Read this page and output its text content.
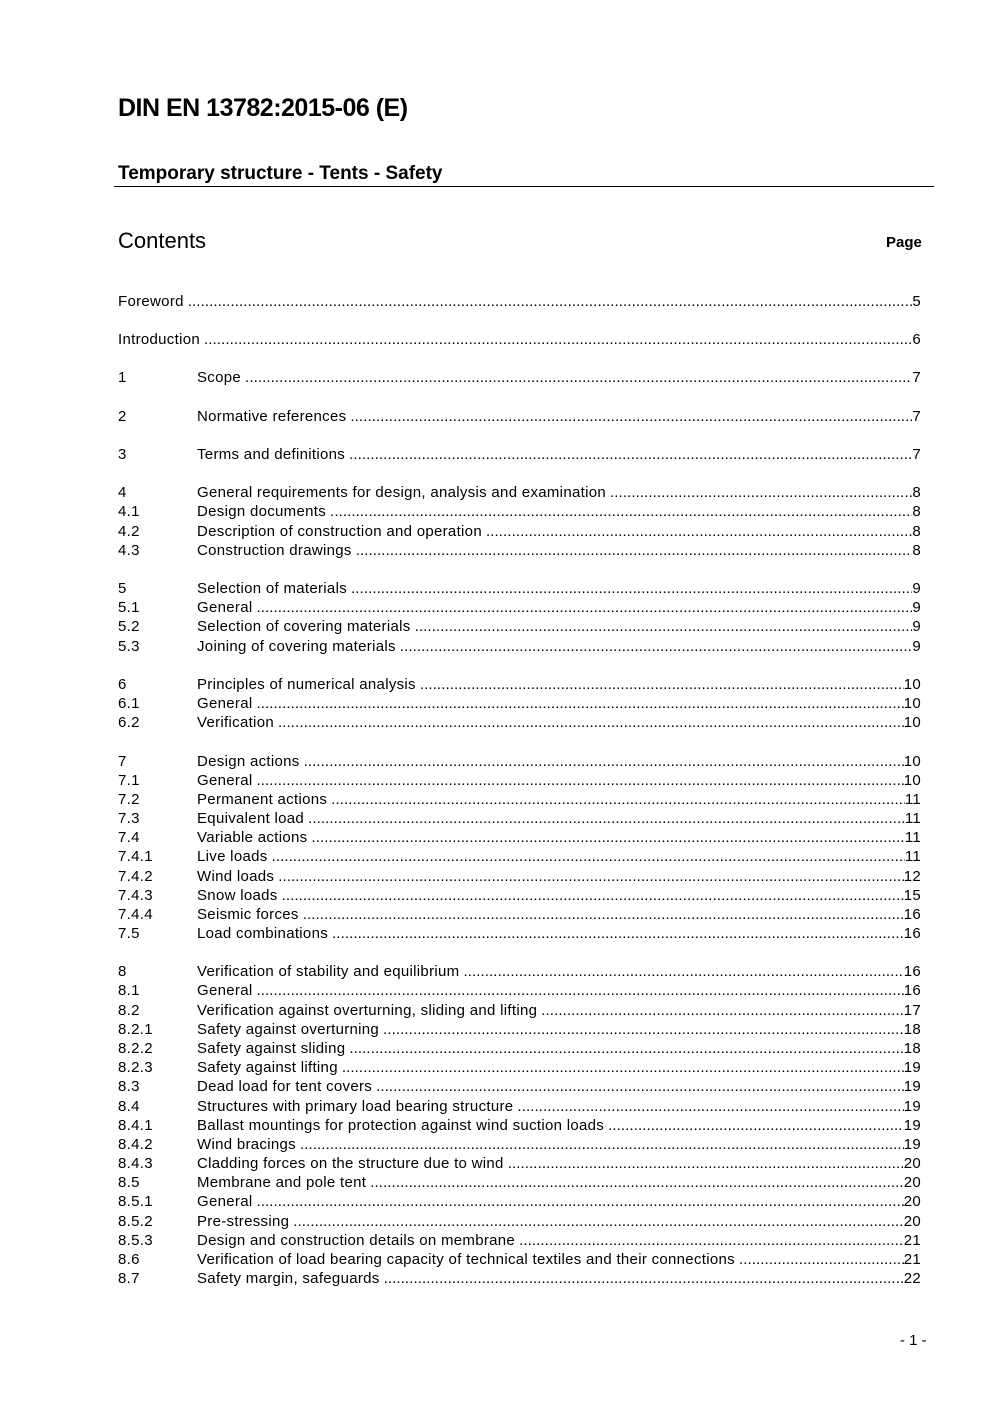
DIN EN 13782:2015-06 (E)
Temporary structure - Tents - Safety
Contents	Page
Foreword .....	5
Introduction .....	6
1	Scope .....	7
2	Normative references .....	7
3	Terms and definitions .....	7
4	General requirements for design, analysis and examination .....	8
4.1	Design documents .....	8
4.2	Description of construction and operation .....	8
4.3	Construction drawings .....	8
5	Selection of materials .....	9
5.1	General .....	9
5.2	Selection of covering materials .....	9
5.3	Joining of covering materials .....	9
6	Principles of numerical analysis .....	10
6.1	General .....	10
6.2	Verification .....	10
7	Design actions .....	10
7.1	General .....	10
7.2	Permanent actions .....	11
7.3	Equivalent load .....	11
7.4	Variable actions .....	11
7.4.1	Live loads .....	11
7.4.2	Wind loads .....	12
7.4.3	Snow loads .....	15
7.4.4	Seismic forces .....	16
7.5	Load combinations .....	16
8	Verification of stability and equilibrium .....	16
8.1	General .....	16
8.2	Verification against overturning, sliding and lifting .....	17
8.2.1	Safety against overturning .....	18
8.2.2	Safety against sliding .....	18
8.2.3	Safety against lifting .....	19
8.3	Dead load for tent covers .....	19
8.4	Structures with primary load bearing structure .....	19
8.4.1	Ballast mountings for protection against wind suction loads .....	19
8.4.2	Wind bracings .....	19
8.4.3	Cladding forces on the structure due to wind .....	20
8.5	Membrane and pole tent .....	20
8.5.1	General .....	20
8.5.2	Pre-stressing .....	20
8.5.3	Design and construction details on membrane .....	21
8.6	Verification of load bearing capacity of technical textiles and their connections .....	21
8.7	Safety margin, safeguards .....	22
- 1 -
